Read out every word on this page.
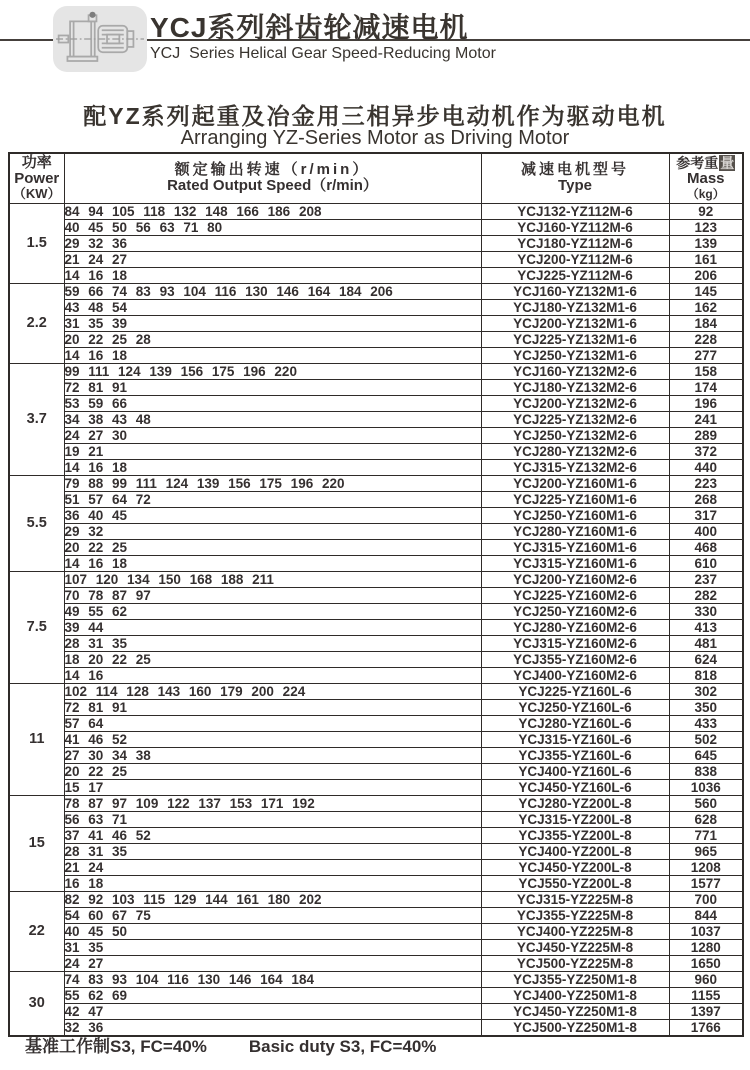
YCJ系列斜齿轮减速电机
YCJ  Series Helical Gear Speed-Reducing Motor
配YZ系列起重及冶金用三相异步电动机作为驱动电机
Arranging YZ-Series Motor as Driving Motor
功率
Power
（KW）

额定输出转速（r/min）
Rated Output Speed（r/min）

减速电机型号
Type

参考重 量
Mass
（kg）

1.5	84 94 105 118 132 148 166 186 208	YCJ132-YZ112M-6	92
	40 45 50 56 63 71 80	YCJ160-YZ112M-6	123
	29 32 36	YCJ180-YZ112M-6	139
	21 24 27	YCJ200-YZ112M-6	161
	14 16 18	YCJ225-YZ112M-6	206
2.2	59 66 74 83 93 104 116 130 146 164 184 206	YCJ160-YZ132M1-6	145
	43 48 54	YCJ180-YZ132M1-6	162
	31 35 39	YCJ200-YZ132M1-6	184
	20 22 25 28	YCJ225-YZ132M1-6	228
	14 16 18	YCJ250-YZ132M1-6	277
3.7	99 111 124 139 156 175 196 220	YCJ160-YZ132M2-6	158
	72 81 91	YCJ180-YZ132M2-6	174
	53 59 66	YCJ200-YZ132M2-6	196
	34 38 43 48	YCJ225-YZ132M2-6	241
	24 27 30	YCJ250-YZ132M2-6	289
	19 21	YCJ280-YZ132M2-6	372
	14 16 18	YCJ315-YZ132M2-6	440
5.5	79 88 99 111 124 139 156 175 196 220	YCJ200-YZ160M1-6	223
	51 57 64 72	YCJ225-YZ160M1-6	268
	36 40 45	YCJ250-YZ160M1-6	317
	29 32	YCJ280-YZ160M1-6	400
	20 22 25	YCJ315-YZ160M1-6	468
	14 16 18	YCJ315-YZ160M1-6	610
7.5	107 120 134 150 168 188 211	YCJ200-YZ160M2-6	237
	70 78 87 97	YCJ225-YZ160M2-6	282
	49 55 62	YCJ250-YZ160M2-6	330
	39 44	YCJ280-YZ160M2-6	413
	28 31 35	YCJ315-YZ160M2-6	481
	18 20 22 25	YCJ355-YZ160M2-6	624
	14 16	YCJ400-YZ160M2-6	818
11	102 114 128 143 160 179 200 224	YCJ225-YZ160L-6	302
	72 81 91	YCJ250-YZ160L-6	350
	57 64	YCJ280-YZ160L-6	433
	41 46 52	YCJ315-YZ160L-6	502
	27 30 34 38	YCJ355-YZ160L-6	645
	20 22 25	YCJ400-YZ160L-6	838
	15 17	YCJ450-YZ160L-6	1036
15	78 87 97 109 122 137 153 171 192	YCJ280-YZ200L-8	560
	56 63 71	YCJ315-YZ200L-8	628
	37 41 46 52	YCJ355-YZ200L-8	771
	28 31 35	YCJ400-YZ200L-8	965
	21 24	YCJ450-YZ200L-8	1208
	16 18	YCJ550-YZ200L-8	1577
22	82 92 103 115 129 144 161 180 202	YCJ315-YZ225M-8	700
	54 60 67 75	YCJ355-YZ225M-8	844
	40 45 50	YCJ400-YZ225M-8	1037
	31 35	YCJ450-YZ225M-8	1280
	24 27	YCJ500-YZ225M-8	1650
30	74 83 93 104 116 130 146 164 184	YCJ355-YZ250M1-8	960
	55 62 69	YCJ400-YZ250M1-8	1155
	42 47	YCJ450-YZ250M1-8	1397
	32 36	YCJ500-YZ250M1-8	1766
基准工作制S3, FC=40% Basic duty S3, FC=40%
